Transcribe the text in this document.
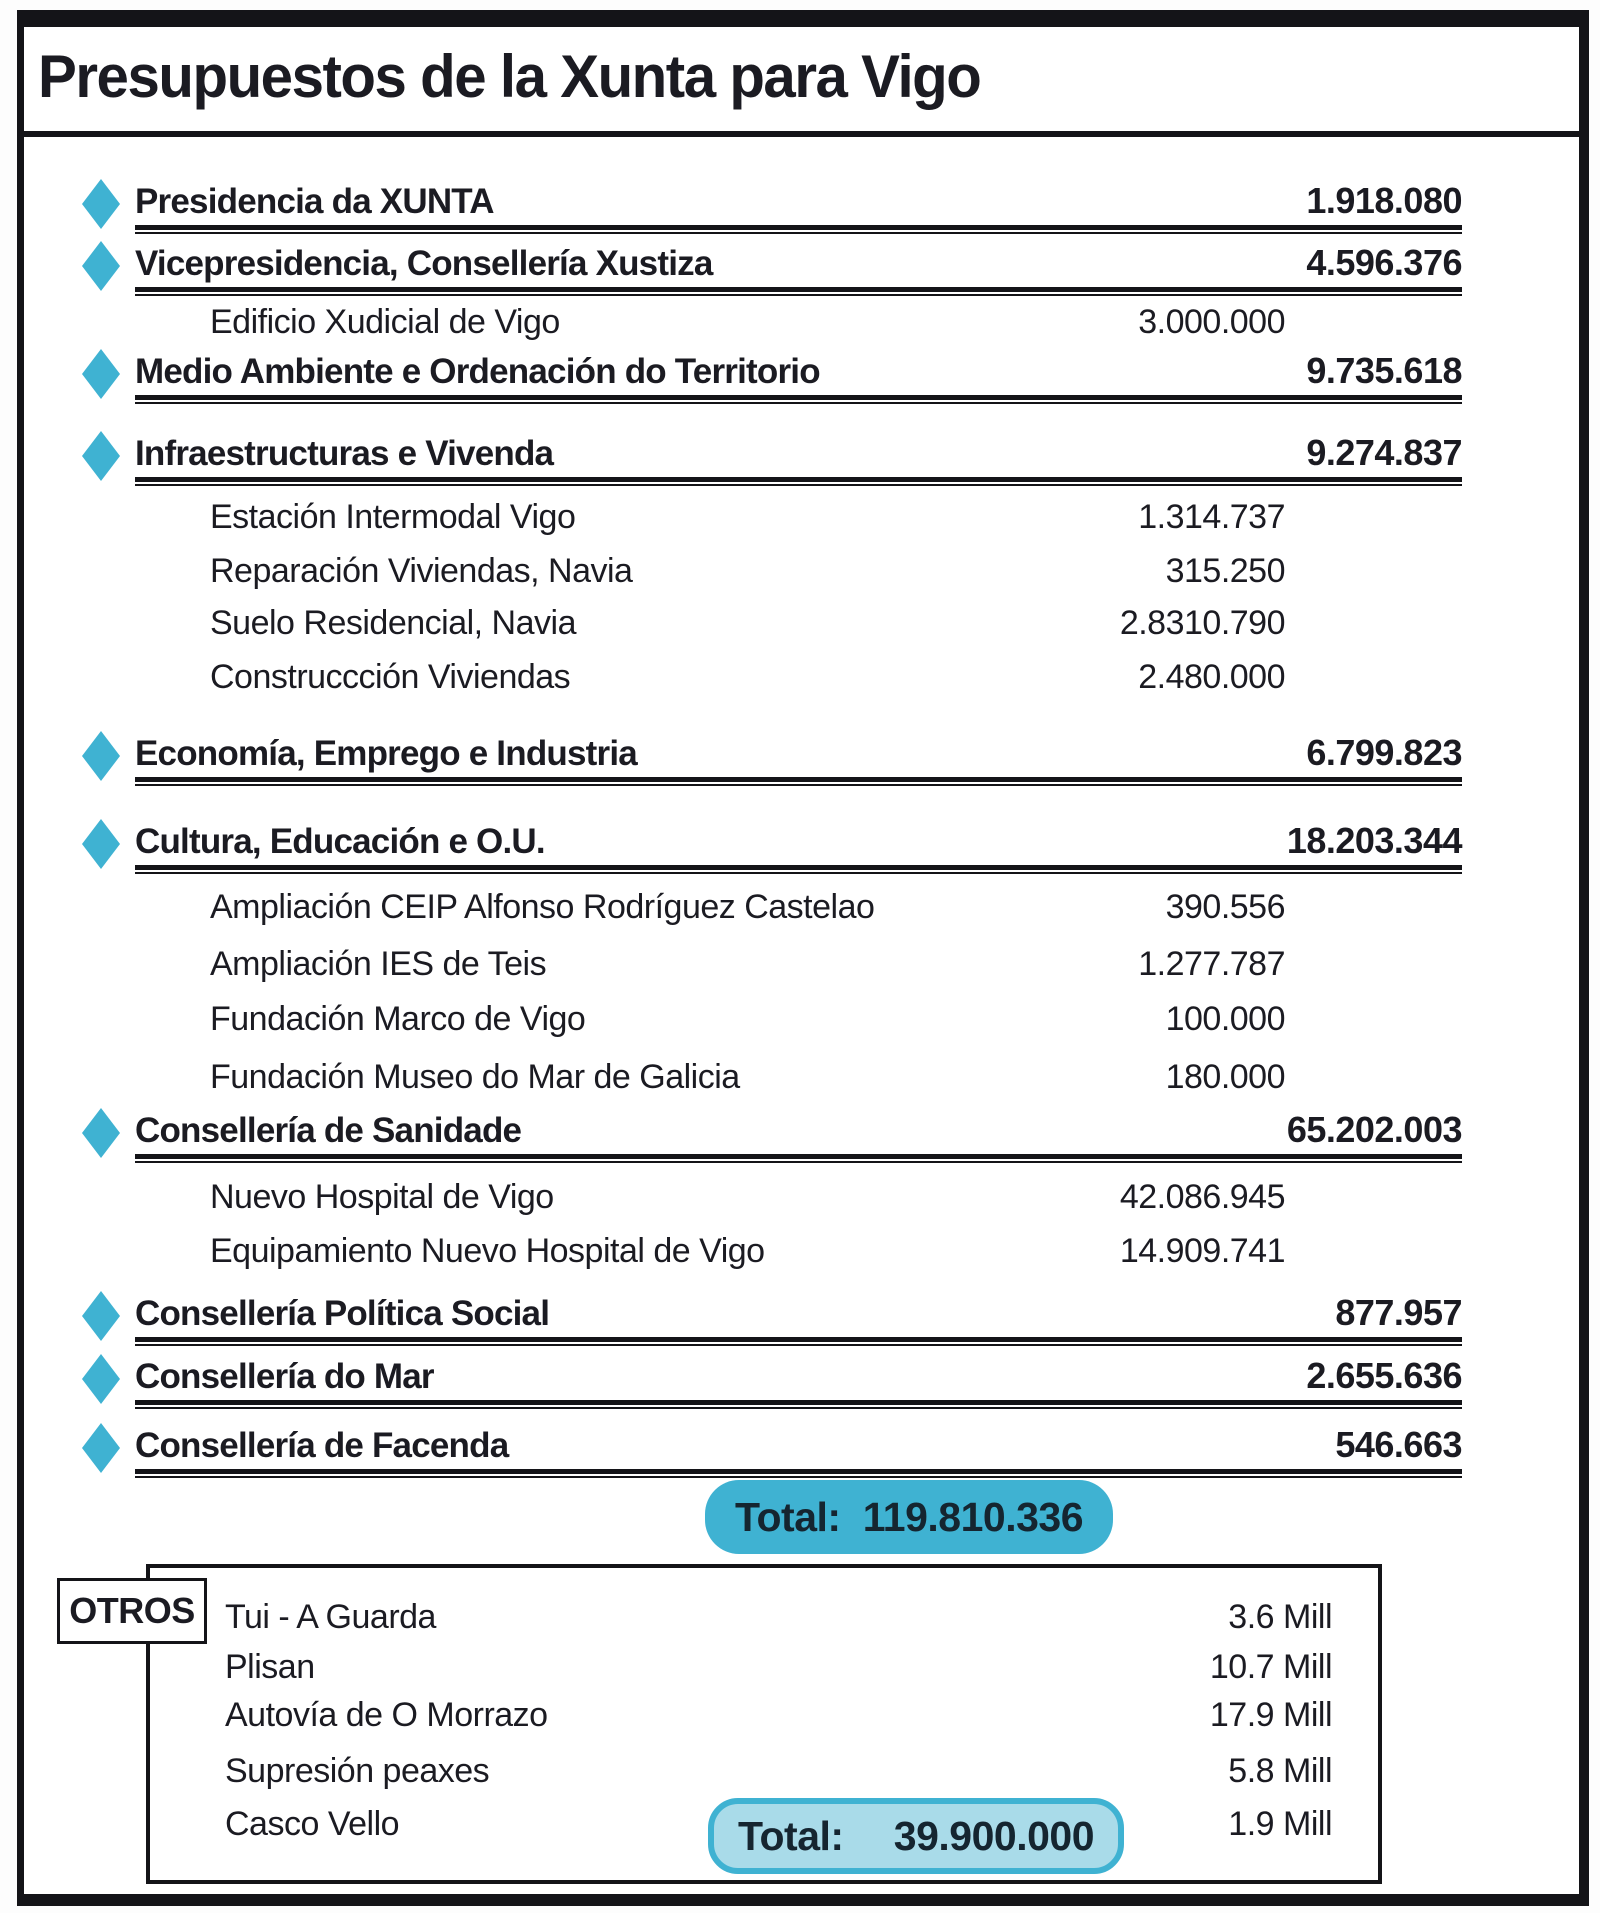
Presupuestos de la Xunta para Vigo
Presidencia da XUNTA	1.918.080
Vicepresidencia, Consellería Xustiza	4.596.376
Edificio Xudicial de Vigo	3.000.000
Medio Ambiente e Ordenación do Territorio	9.735.618
Infraestructuras e Vivenda	9.274.837
Estación Intermodal Vigo	1.314.737
Reparación Viviendas, Navia	315.250
Suelo Residencial, Navia	2.8310.790
Construccción Viviendas	2.480.000
Economía, Emprego e Industria	6.799.823
Cultura, Educación e O.U.	18.203.344
Ampliación CEIP Alfonso Rodríguez Castelao	390.556
Ampliación IES de Teis	1.277.787
Fundación Marco de Vigo	100.000
Fundación Museo do Mar de Galicia	180.000
Consellería de Sanidade	65.202.003
Nuevo Hospital de Vigo	42.086.945
Equipamiento Nuevo Hospital de Vigo	14.909.741
Consellería Política Social	877.957
Consellería do Mar	2.655.636
Consellería de Facenda	546.663
Total: 119.810.336
OTROS Tui - A Guarda	3.6 Mill
Plisan	10.7 Mill
Autovía de O Morrazo	17.9 Mill
Supresión peaxes	5.8 Mill
Casco Vello	1.9 Mill
Total: 39.900.000
